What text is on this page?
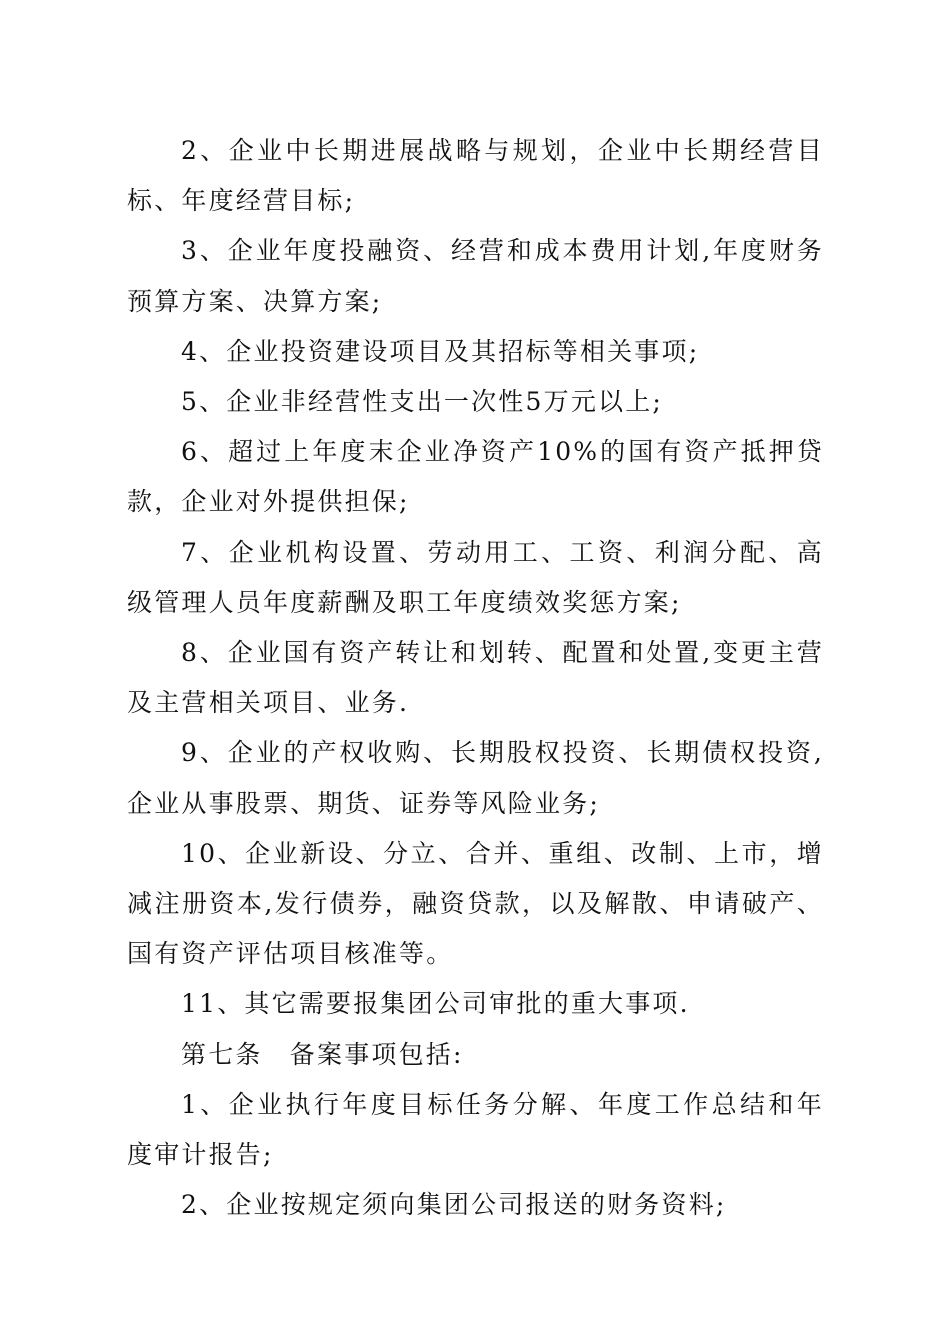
2、企业中长期进展战略与规划，企业中长期经营目标、年度经营目标;

3、企业年度投融资、经营和成本费用计划,年度财务预算方案、决算方案;

4、企业投资建设项目及其招标等相关事项;

5、企业非经营性支出一次性5万元以上;

6、超过上年度末企业净资产10%的国有资产抵押贷款，企业对外提供担保;

7、企业机构设置、劳动用工、工资、利润分配、高级管理人员年度薪酬及职工年度绩效奖惩方案;

8、企业国有资产转让和划转、配置和处置,变更主营及主营相关项目、业务.

9、企业的产权收购、长期股权投资、长期债权投资,企业从事股票、期货、证券等风险业务;

10、企业新设、分立、合并、重组、改制、上市，增减注册资本,发行债券，融资贷款，以及解散、申请破产、国有资产评估项目核准等。

11、其它需要报集团公司审批的重大事项.

第七条　备案事项包括:

1、企业执行年度目标任务分解、年度工作总结和年度审计报告;

2、企业按规定须向集团公司报送的财务资料;
